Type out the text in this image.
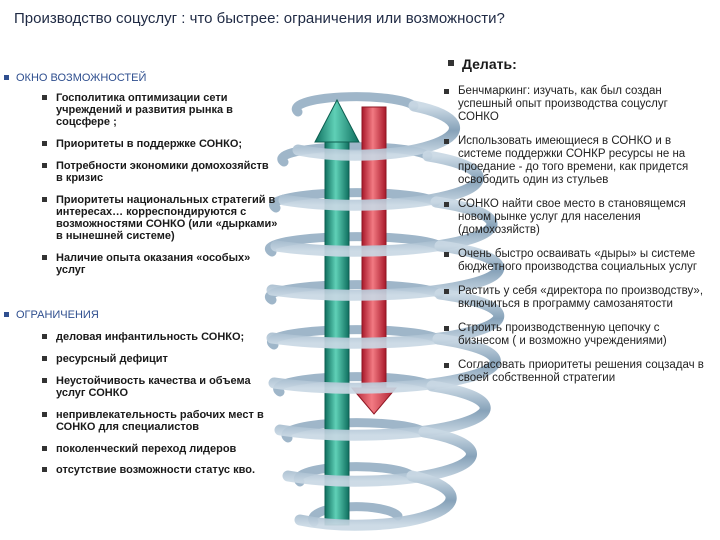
Производство соцуслуг : что быстрее: ограничения или возможности?
ОКНО ВОЗМОЖНОСТЕЙ
Госполитика оптимизации сети учреждений и развития рынка в соцсфере ;
Приоритеты в поддержке СОНКО;
Потребности экономики домохозяйств в кризис
Приоритеты национальных стратегий в интересах… корреспондируются с возможностями СОНКО (или «дырками» в нынешней системе)
Наличие опыта оказания «особых» услуг
ОГРАНИЧЕНИЯ
деловая инфантильность СОНКО;
ресурсный дефицит
Неустойчивость качества и объема услуг СОНКО
непривлекательность рабочих мест в СОНКО для специалистов
поколенческий переход лидеров
отсутствие возможности статус кво.
Делать:
Бенчмаркинг: изучать, как был создан успешный опыт производства соцуслуг СОНКО
Использовать имеющиеся в СОНКО и в системе поддержки СОНКР ресурсы не на проедание - до того времени, как придется освободить один из стульев
СОНКО найти свое место в становящемся новом рынке услуг для населения (домохозяйств)
Очень быстро осваивать «дыры» ы системе бюджетного производства социальных услуг
Растить у себя «директора по производству», включиться в программу самозанятости
Строить производственную цепочку с бизнесом ( и возможно учреждениями)
Согласовать приоритеты решения соцзадач в своей собственной стратегии
